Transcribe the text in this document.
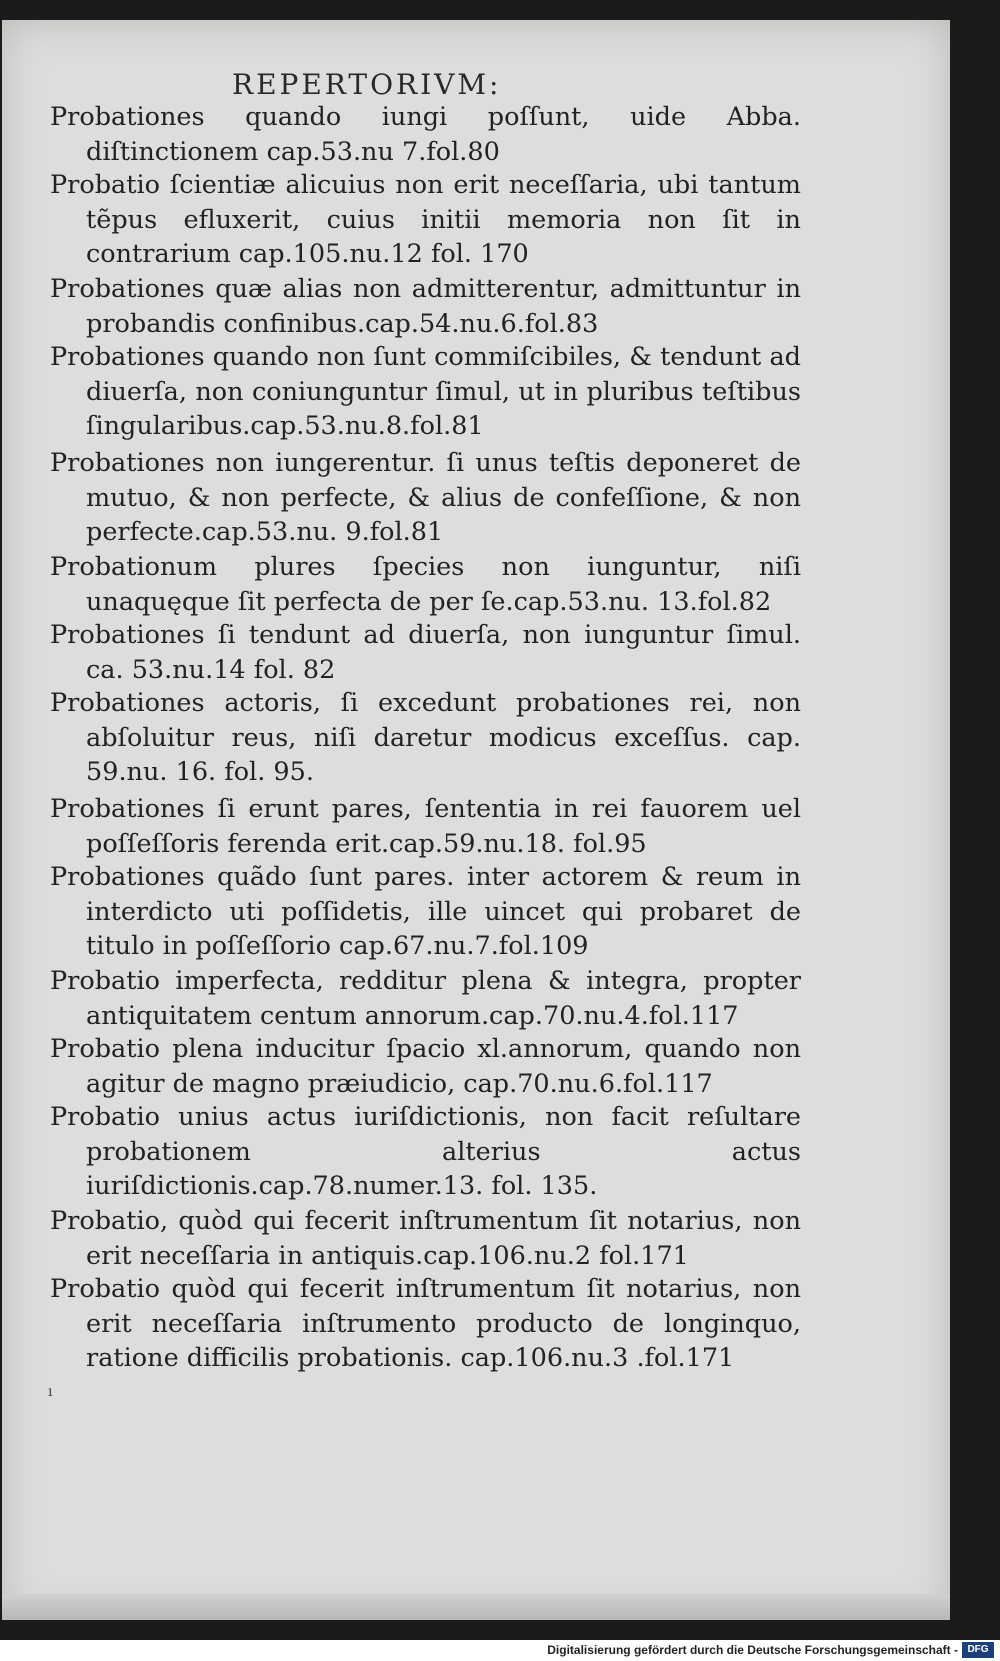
REPERTORIVM:
Probationes quando iungi poſſunt, uide Abba. diſtinctionem cap.53.nu 7.fol.80
Probatio ſcientiæ alicuius non erit neceſſaria, ubi tantum tẽpus efluxerit, cuius initii memoria non ſit in contrarium cap.105.nu.12 fol. 170
Probationes quæ alias non admitterentur, admittuntur in probandis confinibus.cap.54.nu.6.fol.83
Probationes quando non ſunt commiſcibiles, & tendunt ad diuerſa, non coniunguntur ſimul, ut in pluribus teſtibus ſingularibus.cap.53.nu.8.fol.81
Probationes non iungerentur. ſi unus teſtis deponeret de mutuo, & non perfecte, & alius de confeſſione, & non perfecte.cap.53.nu. 9.fol.81
Probationum plures ſpecies non iunguntur, niſi unaquęque ſit perfecta de per ſe.cap.53.nu. 13.fol.82
Probationes ſi tendunt ad diuerſa, non iunguntur ſimul. ca. 53.nu.14 fol. 82
Probationes actoris, ſi excedunt probationes rei, non abſoluitur reus, niſi daretur modicus exceſſus. cap. 59.nu. 16. fol. 95.
Probationes ſi erunt pares, ſententia in rei fauorem uel poſſeſſoris ferenda erit.cap.59.nu.18. fol.95
Probationes quãdo ſunt pares. inter actorem & reum in interdicto uti poſſidetis, ille uincet qui probaret de titulo in poſſeſſorio cap.67.nu.7.fol.109
Probatio imperfecta, redditur plena & integra, propter antiquitatem centum annorum.cap.70.nu.4.fol.117
Probatio plena inducitur ſpacio xl.annorum, quando non agitur de magno præiudicio, cap.70.nu.6.fol.117
Probatio unius actus iuriſdictionis, non facit reſultare probationem alterius actus iuriſdictionis.cap.78.numer.13. fol. 135.
Probatio, quòd qui fecerit inſtrumentum ſit notarius, non erit neceſſaria in antiquis.cap.106.nu.2 fol.171
Probatio quòd qui fecerit inſtrumentum ſit notarius, non erit neceſſaria inſtrumento producto de longinquo, ratione difficilis probationis. cap.106.nu.3 .fol.171
ı
Digitalisierung gefördert durch die Deutsche Forschungsgemeinschaft - DFG
